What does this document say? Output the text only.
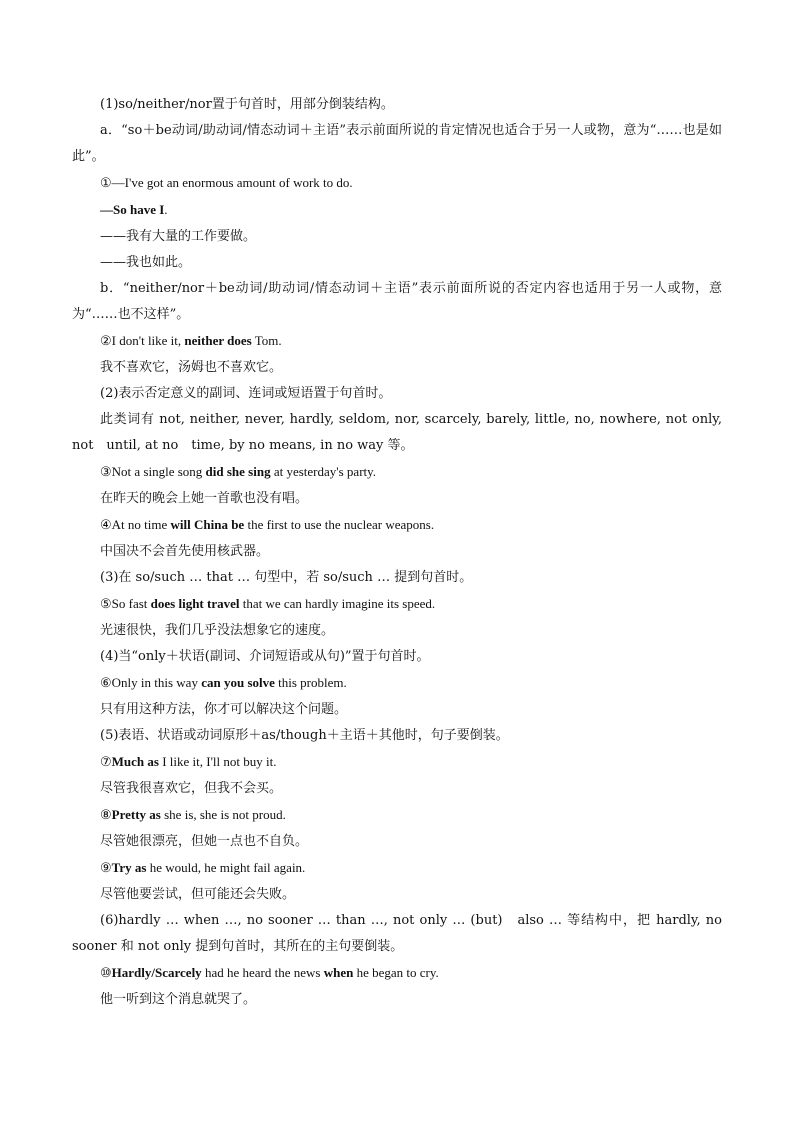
(1)so/neither/nor置于句首时，用部分倒装结构。
a．“so＋be动词/助动词/情态动词＋主语”表示前面所说的肯定情况也适合于另一人或物，意为“……也是如此”。
①—I've got an enormous amount of work to do.
—So have I.
——我有大量的工作要做。
——我也如此。
b．“neither/nor＋be动词/助动词/情态动词＋主语”表示前面所说的否定内容也适用于另一人或物，意为“……也不这样”。
②I don't like it, neither does Tom.
我不喜欢它，汤姆也不喜欢它。
(2)表示否定意义的副词、连词或短语置于句首时。
此类词有 not, neither, never, hardly, seldom, nor, scarcely, barely, little, no, nowhere, not only, not　until, at no　time, by no means, in no way 等。
③Not a single song did she sing at yesterday's party.
在昨天的晚会上她一首歌也没有唱。
④At no time will China be the first to use the nuclear weapons.
中国决不会首先使用核武器。
(3)在 so/such … that … 句型中，若 so/such … 提到句首时。
⑤So fast does light travel that we can hardly imagine its speed.
光速很快，我们几乎没法想象它的速度。
(4)当“only＋状语(副词、介词短语或从句)”置于句首时。
⑥Only in this way can you solve this problem.
只有用这种方法，你才可以解决这个问题。
(5)表语、状语或动词原形＋as/though＋主语＋其他时，句子要倒装。
⑦Much as I like it, I'll not buy it.
尽管我很喜欢它，但我不会买。
⑧Pretty as she is, she is not proud.
尽管她很漂亮，但她一点也不自负。
⑨Try as he would, he might fail again.
尽管他要尝试，但可能还会失败。
(6)hardly … when …, no sooner … than …, not only … (but)　also … 等结构中，把 hardly, no sooner 和 not only 提到句首时，其所在的主句要倒装。
⑩Hardly/Scarcely had he heard the news when he began to cry.
他一听到这个消息就哭了。
